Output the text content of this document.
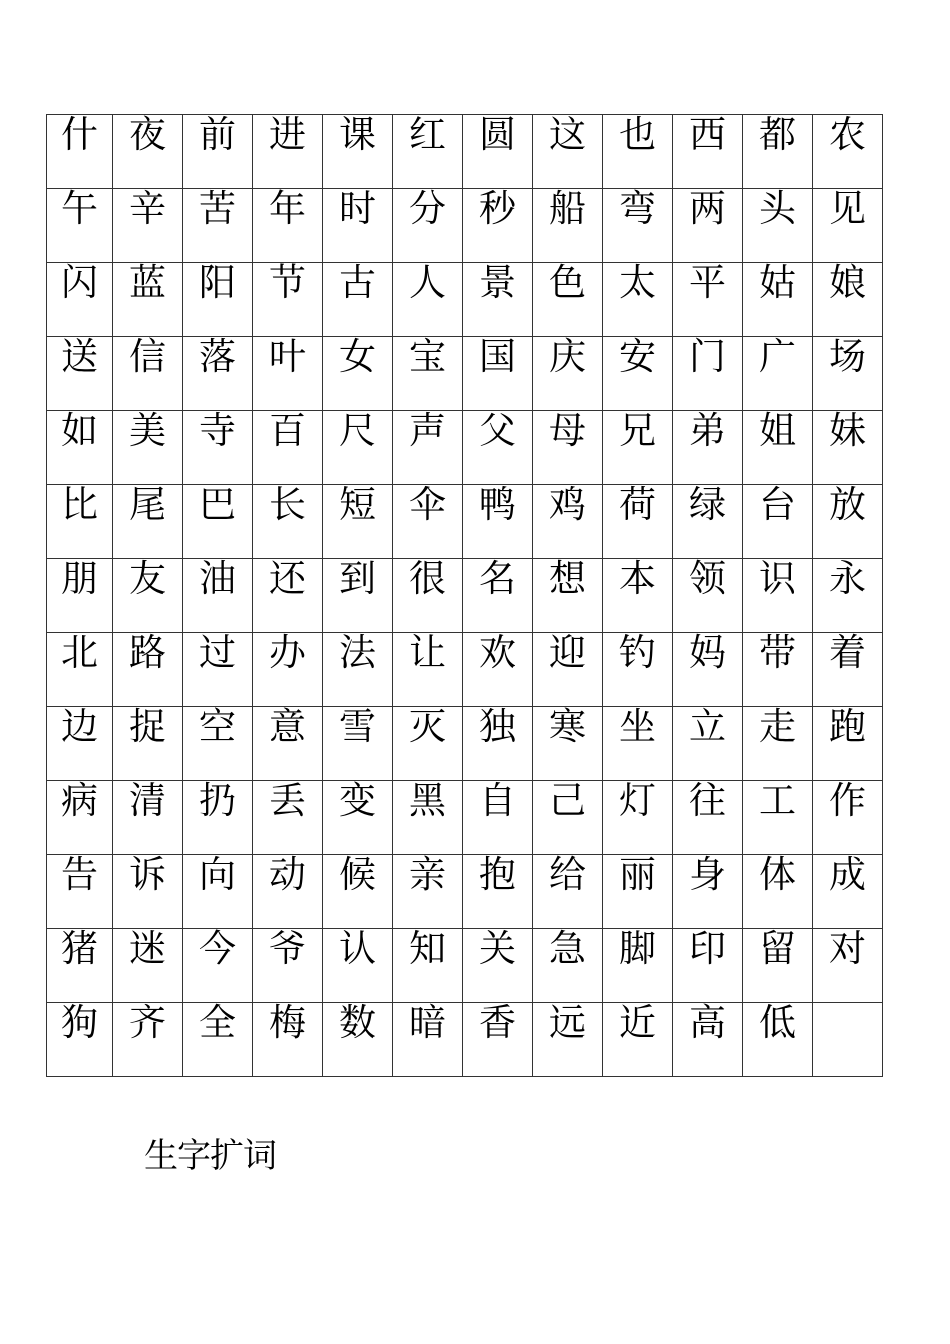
什	夜	前	进	课	红	圆	这	也	西	都	农

午	辛	苦	年	时	分	秒	船	弯	两	头	见

闪	蓝	阳	节	古	人	景	色	太	平	姑	娘

送	信	落	叶	女	宝	国	庆	安	门	广	场

如	美	寺	百	尺	声	父	母	兄	弟	姐	妹

比	尾	巴	长	短	伞	鸭	鸡	荷	绿	台	放

朋	友	油	还	到	很	名	想	本	领	识	永

北	路	过	办	法	让	欢	迎	钓	妈	带	着

边	捉	空	意	雪	灭	独	寒	坐	立	走	跑

病	清	扔	丢	变	黑	自	己	灯	往	工	作

告	诉	向	动	候	亲	抱	给	丽	身	体	成

猪	迷	今	爷	认	知	关	急	脚	印	留	对

狗	齐	全	梅	数	暗	香	远	近	高	低	

生字扩词
